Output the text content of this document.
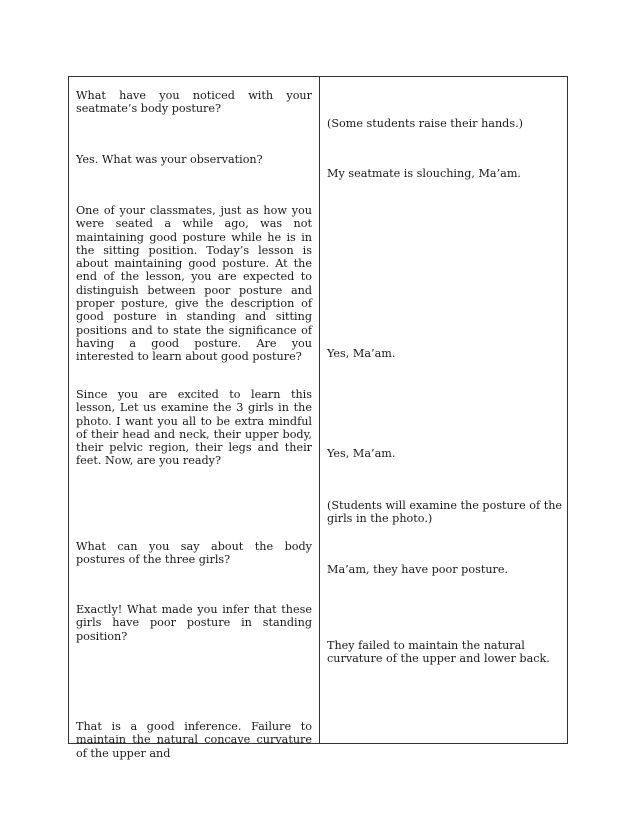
What have you noticed with your seatmate’s body posture?

Yes. What was your observation?

One of your classmates, just as how you were seated a while ago, was not maintaining good posture while he is in the sitting position. Today’s lesson is about maintaining good posture. At the end of the lesson, you are expected to distinguish between poor posture and proper posture, give the description of good posture in standing and sitting positions and to state the significance of having a good posture. Are you interested to learn about good posture?

Since you are excited to learn this lesson, Let us examine the 3 girls in the photo. I want you all to be extra mindful of their head and neck, their upper body, their pelvic region, their legs and their feet. Now, are you ready?

What can you say about the body postures of the three girls?

Exactly! What made you infer that these girls have poor posture in standing position?

That is a good inference. Failure to maintain the natural concave curvature of the upper and

(Some students raise their hands.)

My seatmate is slouching, Ma’am.

Yes, Ma’am.

Yes, Ma’am.

(Students will examine the posture of the girls in the photo.)

Ma’am, they have poor posture.

They failed to maintain the natural curvature of the upper and lower back.
